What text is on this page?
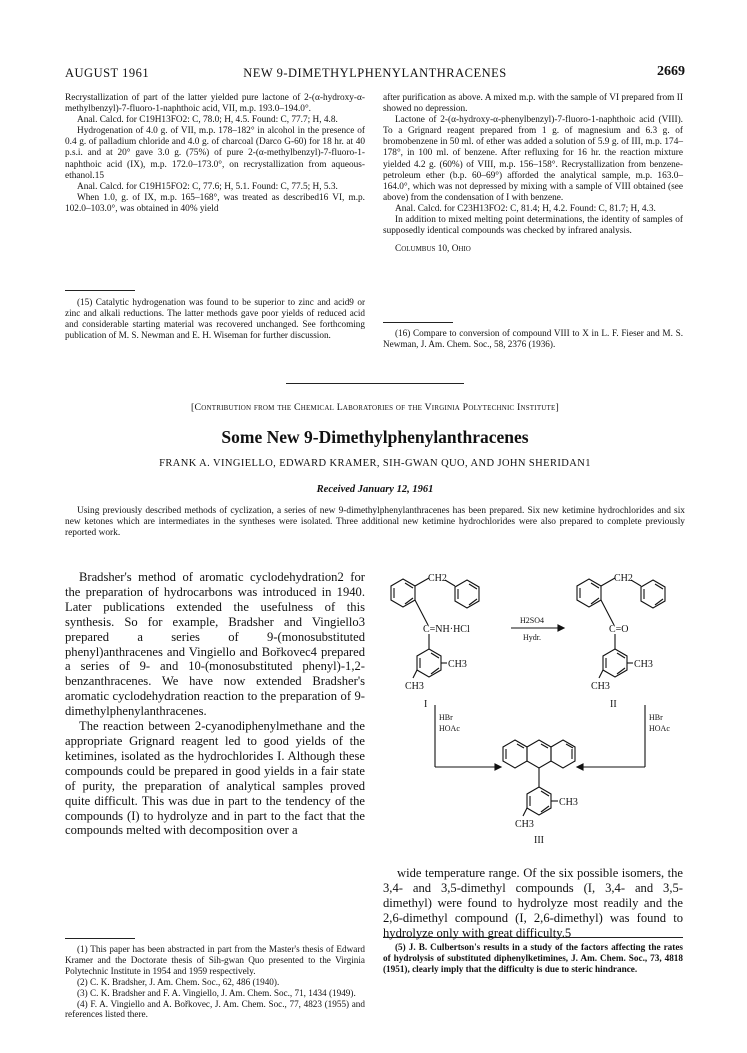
AUGUST 1961	NEW 9-DIMETHYLPHENYLANTHRACENES	2669

Recrystallization of part of the latter yielded pure lactone of 2-(α-hydroxy-α-methylbenzyl)-7-fluoro-1-naphthoic acid, VII, m.p. 193.0–194.0°.

Anal. Calcd. for C19H13FO2: C, 78.0; H, 4.5. Found: C, 77.7; H, 4.8.

Hydrogenation of 4.0 g. of VII, m.p. 178–182° in alcohol in the presence of 0.4 g. of palladium chloride and 4.0 g. of charcoal (Darco G-60) for 18 hr. at 40 p.s.i. and at 20° gave 3.0 g. (75%) of pure 2-(α-methylbenzyl)-7-fluoro-1-naphthoic acid (IX), m.p. 172.0–173.0°, on recrystallization from aqueous-ethanol.15

Anal. Calcd. for C19H15FO2: C, 77.6; H, 5.1. Found: C, 77.5; H, 5.3.

When 1.0, g. of IX, m.p. 165–168°, was treated as described16 VI, m.p. 102.0–103.0°, was obtained in 40% yield

(15) Catalytic hydrogenation was found to be superior to zinc and acid9 or zinc and alkali reductions. The latter methods gave poor yields of reduced acid and considerable starting material was recovered unchanged. See forthcoming publication of M. S. Newman and E. H. Wiseman for further discussion.

after purification as above. A mixed m.p. with the sample of VI prepared from II showed no depression.

Lactone of 2-(α-hydroxy-α-phenylbenzyl)-7-fluoro-1-naphthoic acid (VIII). To a Grignard reagent prepared from 1 g. of magnesium and 6.3 g. of bromobenzene in 50 ml. of ether was added a solution of 5.9 g. of III, m.p. 174–178°, in 100 ml. of benzene. After refluxing for 16 hr. the reaction mixture yielded 4.2 g. (60%) of VIII, m.p. 156–158°. Recrystallization from benzene-petroleum ether (b.p. 60–69°) afforded the analytical sample, m.p. 163.0–164.0°, which was not depressed by mixing with a sample of VIII obtained (see above) from the condensation of I with benzene.

Anal. Calcd. for C23H13FO2: C, 81.4; H, 4.2. Found: C, 81.7; H, 4.3.

In addition to mixed melting point determinations, the identity of samples of supposedly identical compounds was checked by infrared analysis.

Columbus 10, Ohio

(16) Compare to conversion of compound VIII to X in L. F. Fieser and M. S. Newman, J. Am. Chem. Soc., 58, 2376 (1936).

[Contribution from the Chemical Laboratories of the Virginia Polytechnic Institute]
Some New 9-Dimethylphenylanthracenes
FRANK A. VINGIELLO, EDWARD KRAMER, SIH-GWAN QUO, AND JOHN SHERIDAN1
Received January 12, 1961

Using previously described methods of cyclization, a series of new 9-dimethylphenylanthracenes has been prepared. Six new ketimine hydrochlorides and six new ketones which are intermediates in the syntheses were isolated. Three additional new ketimine hydrochlorides were also prepared to complete previously reported work.

Bradsher's method of aromatic cyclodehydration2 for the preparation of hydrocarbons was introduced in 1940. Later publications extended the usefulness of this synthesis. So for example, Bradsher and Vingiello3 prepared a series of 9-(monosubstituted phenyl)anthracenes and Vingiello and Bořkovec4 prepared a series of 9- and 10-(monosubstituted phenyl)-1,2-benzanthracenes. We have now extended Bradsher's aromatic cyclodehydration reaction to the preparation of 9-dimethylphenylanthracenes.

The reaction between 2-cyanodiphenylmethane and the appropriate Grignard reagent led to good yields of the ketimines, isolated as the hydrochlorides I. Although these compounds could be prepared in good yields in a fair state of purity, the preparation of analytical samples proved quite difficult. This was due in part to the tendency of the compounds (I) to hydrolyze and in part to the fact that the compounds melted with decomposition over a

(1) This paper has been abstracted in part from the Master's thesis of Edward Kramer and the Doctorate thesis of Sih-gwan Quo presented to the Virginia Polytechnic Institute in 1954 and 1959 respectively.

(2) C. K. Bradsher, J. Am. Chem. Soc., 62, 486 (1940).

(3) C. K. Bradsher and F. A. Vingiello, J. Am. Chem. Soc., 71, 1434 (1949).

(4) F. A. Vingiello and A. Bořkovec, J. Am. Chem. Soc., 77, 4823 (1955) and references listed there.

CH2
C=NH·HCl
CH3
CH3
I
CH2
C=O
CH3
CH3
II
H2SO4
Hydr.
HBr
HOAc
HBr
HOAc
CH3
CH3
III

wide temperature range. Of the six possible isomers, the 3,4- and 3,5-dimethyl compounds (I, 3,4- and 3,5-dimethyl) were found to hydrolyze most readily and the 2,6-dimethyl compound (I, 2,6-dimethyl) was found to hydrolyze only with great difficulty.5

(5) J. B. Culbertson's results in a study of the factors affecting the rates of hydrolysis of substituted diphenylketimines, J. Am. Chem. Soc., 73, 4818 (1951), clearly imply that the difficulty is due to steric hindrance.
